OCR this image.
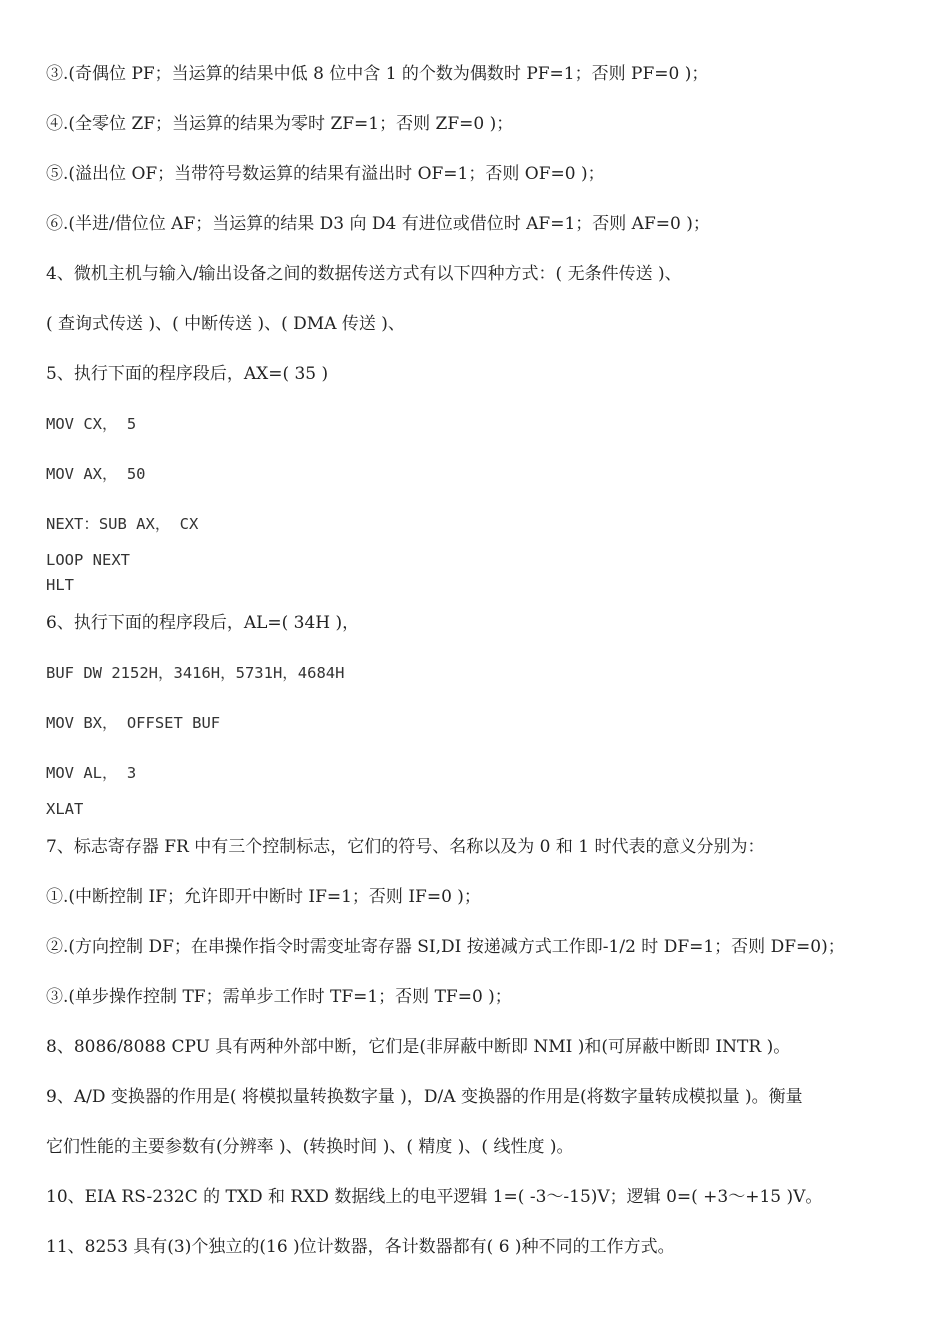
③.(奇偶位 PF；当运算的结果中低 8 位中含 1 的个数为偶数时 PF=1；否则 PF=0 )；
④.(全零位 ZF；当运算的结果为零时 ZF=1；否则 ZF=0 )；
⑤.(溢出位 OF；当带符号数运算的结果有溢出时 OF=1；否则 OF=0 )；
⑥.(半进/借位位 AF；当运算的结果 D3 向 D4 有进位或借位时 AF=1；否则 AF=0 )；
4、微机主机与输入/输出设备之间的数据传送方式有以下四种方式：( 无条件传送 )、
( 查询式传送 )、( 中断传送 )、( DMA 传送 )、
5、执行下面的程序段后，AX=( 35 )
MOV CX， 5
MOV AX， 50
NEXT：SUB AX， CX
LOOP NEXT
HLT
6、执行下面的程序段后，AL=( 34H )，
BUF DW 2152H，3416H，5731H，4684H
MOV BX， OFFSET BUF
MOV AL， 3
XLAT
7、标志寄存器 FR 中有三个控制标志，它们的符号、名称以及为 0 和 1 时代表的意义分别为：
①.(中断控制 IF；允许即开中断时 IF=1；否则 IF=0 )；
②.(方向控制 DF；在串操作指令时需变址寄存器 SI,DI 按递减方式工作即-1/2 时 DF=1；否则 DF=0)；
③.(单步操作控制 TF；需单步工作时 TF=1；否则 TF=0 )；
8、8086/8088 CPU 具有两种外部中断，它们是(非屏蔽中断即 NMI )和(可屏蔽中断即 INTR )。
9、A/D 变换器的作用是( 将模拟量转换数字量 )，D/A 变换器的作用是(将数字量转成模拟量 )。衡量
它们性能的主要参数有(分辨率 )、(转换时间 )、( 精度 )、( 线性度 )。
10、EIA RS-232C 的 TXD 和 RXD 数据线上的电平逻辑 1=( -3～-15)V；逻辑 0=( +3～+15 )V。
11、8253 具有(3)个独立的(16 )位计数器，各计数器都有( 6 )种不同的工作方式。
